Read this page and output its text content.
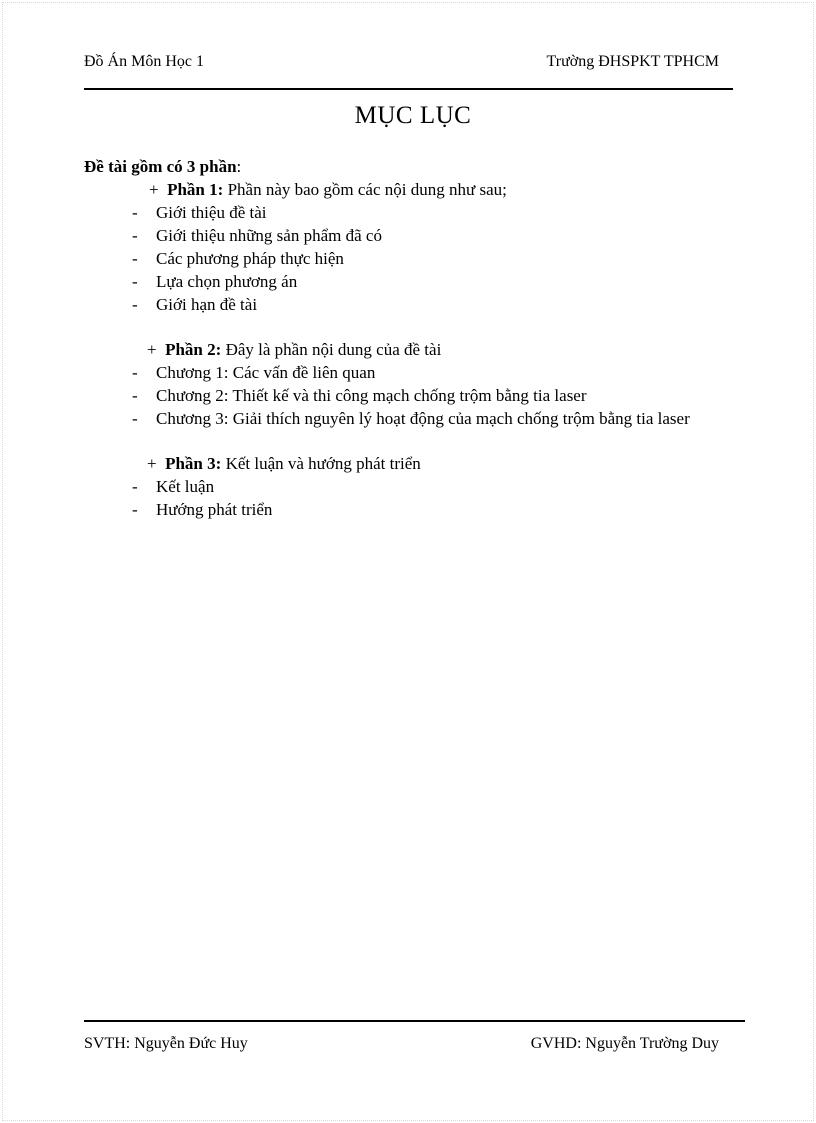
Đồ Án Môn Học 1	Trường ĐHSPKT TPHCM
MỤC LỤC
Đề tài gồm có 3 phần:
+ Phần 1: Phần này bao gồm các nội dung như sau;
- Giới thiệu đề tài
- Giới thiệu những sản phẩm đã có
- Các phương pháp thực hiện
- Lựa chọn phương án
- Giới hạn đề tài
+ Phần 2: Đây là phần nội dung của đề tài
- Chương 1: Các vấn đề liên quan
- Chương 2: Thiết kế và thi công mạch chống trộm bằng tia laser
- Chương 3: Giải thích nguyên lý hoạt động của mạch chống trộm bằng tia laser
+ Phần 3: Kết luận và hướng phát triển
- Kết luận
- Hướng phát triển
SVTH: Nguyễn Đức Huy	GVHD: Nguyễn Trường Duy
